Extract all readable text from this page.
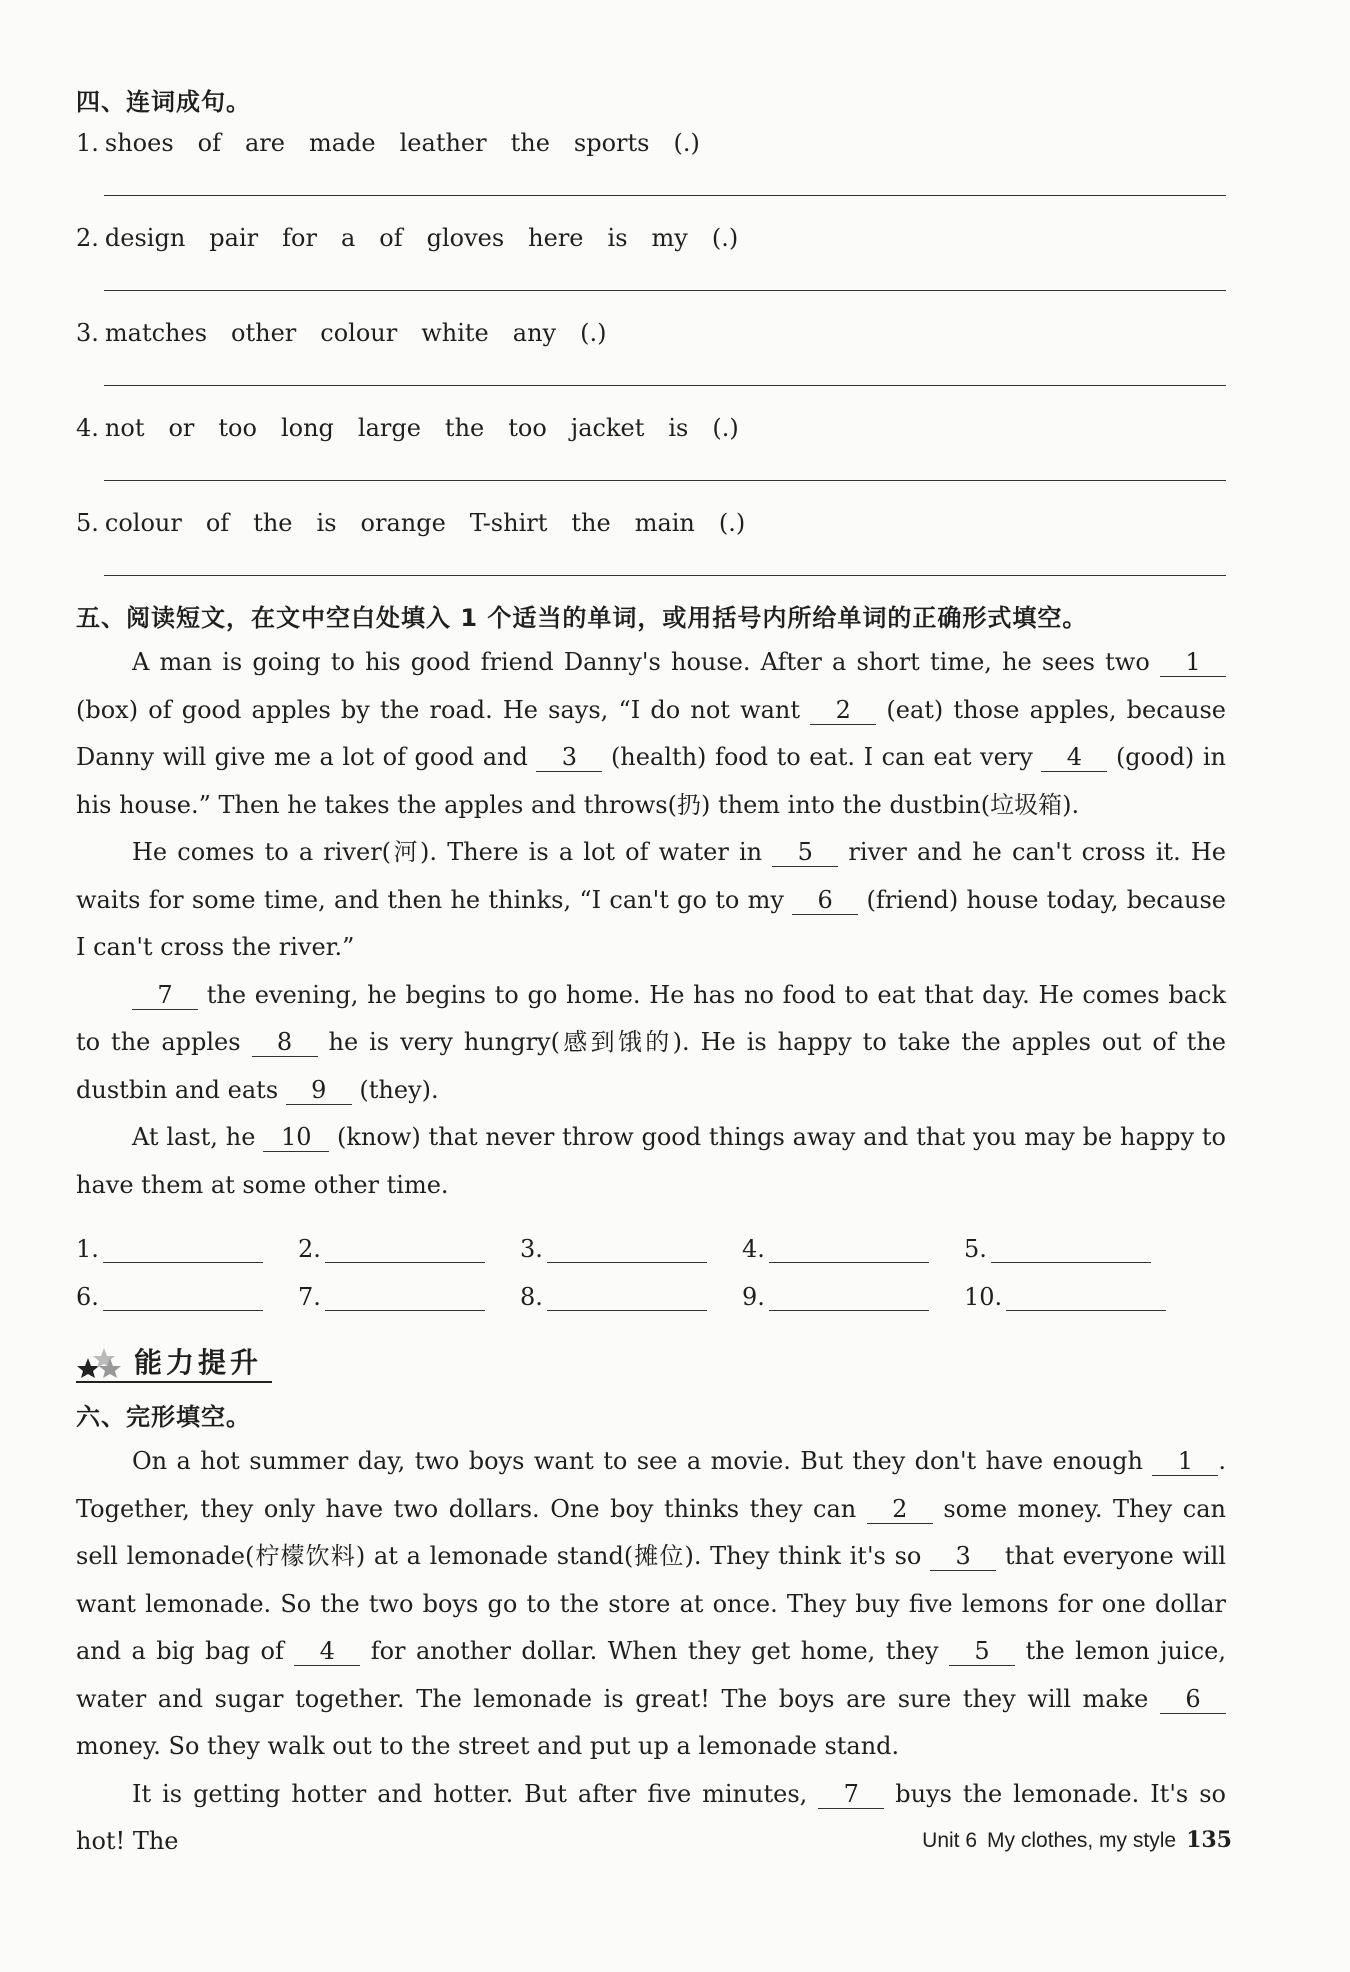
四、连词成句。
1. shoes of are made leather the sports (.)
2. design pair for a of gloves here is my (.)
3. matches other colour white any (.)
4. not or too long large the too jacket is (.)
5. colour of the is orange T-shirt the main (.)
五、阅读短文，在文中空白处填入 1 个适当的单词，或用括号内所给单词的正确形式填空。

A man is going to his good friend Danny's house. After a short time, he sees two 1 (box) of good apples by the road. He says, “I do not want 2 (eat) those apples, because Danny will give me a lot of good and 3 (health) food to eat. I can eat very 4 (good) in his house.” Then he takes the apples and throws(扔) them into the dustbin(垃圾箱).

He comes to a river(河). There is a lot of water in 5 river and he can't cross it. He waits for some time, and then he thinks, “I can't go to my 6 (friend) house today, because I can't cross the river.”

7 the evening, he begins to go home. He has no food to eat that day. He comes back to the apples 8 he is very hungry(感到饿的). He is happy to take the apples out of the dustbin and eats 9 (they).

At last, he 10 (know) that never throw good things away and that you may be happy to have them at some other time.

1.	2.	3.	4.	5.
6.	7.	8.	9.	10.
能力提升
六、完形填空。

On a hot summer day, two boys want to see a movie. But they don't have enough 1 . Together, they only have two dollars. One boy thinks they can 2 some money. They can sell lemonade(柠檬饮料) at a lemonade stand(摊位). They think it's so 3 that everyone will want lemonade. So the two boys go to the store at once. They buy five lemons for one dollar and a big bag of 4 for another dollar. When they get home, they 5 the lemon juice, water and sugar together. The lemonade is great! The boys are sure they will make 6 money. So they walk out to the street and put up a lemonade stand.

It is getting hotter and hotter. But after five minutes, 7 buys the lemonade. It's so hot! The	Unit 6 My clothes, my style 135
